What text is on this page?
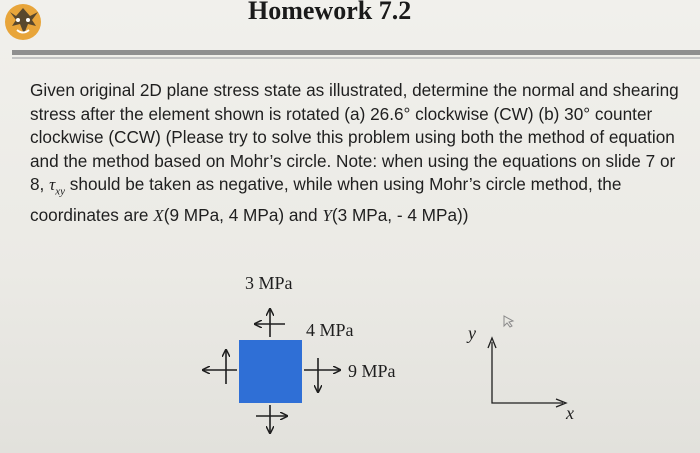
Homework 7.2
Given original 2D plane stress state as illustrated, determine the normal and shearing stress after the element shown is rotated (a) 26.6° clockwise (CW) (b) 30° counter clockwise (CCW) (Please try to solve this problem using both the method of equation and the method based on Mohr’s circle. Note: when using the equations on slide 7 or 8, $\tau_{xy}$ should be taken as negative, while when using Mohr’s circle method, the coordinates are X(9 MPa, 4 MPa) and Y(3 MPa, - 4 MPa))
3 MPa
4 MPa
9 MPa
y
x
